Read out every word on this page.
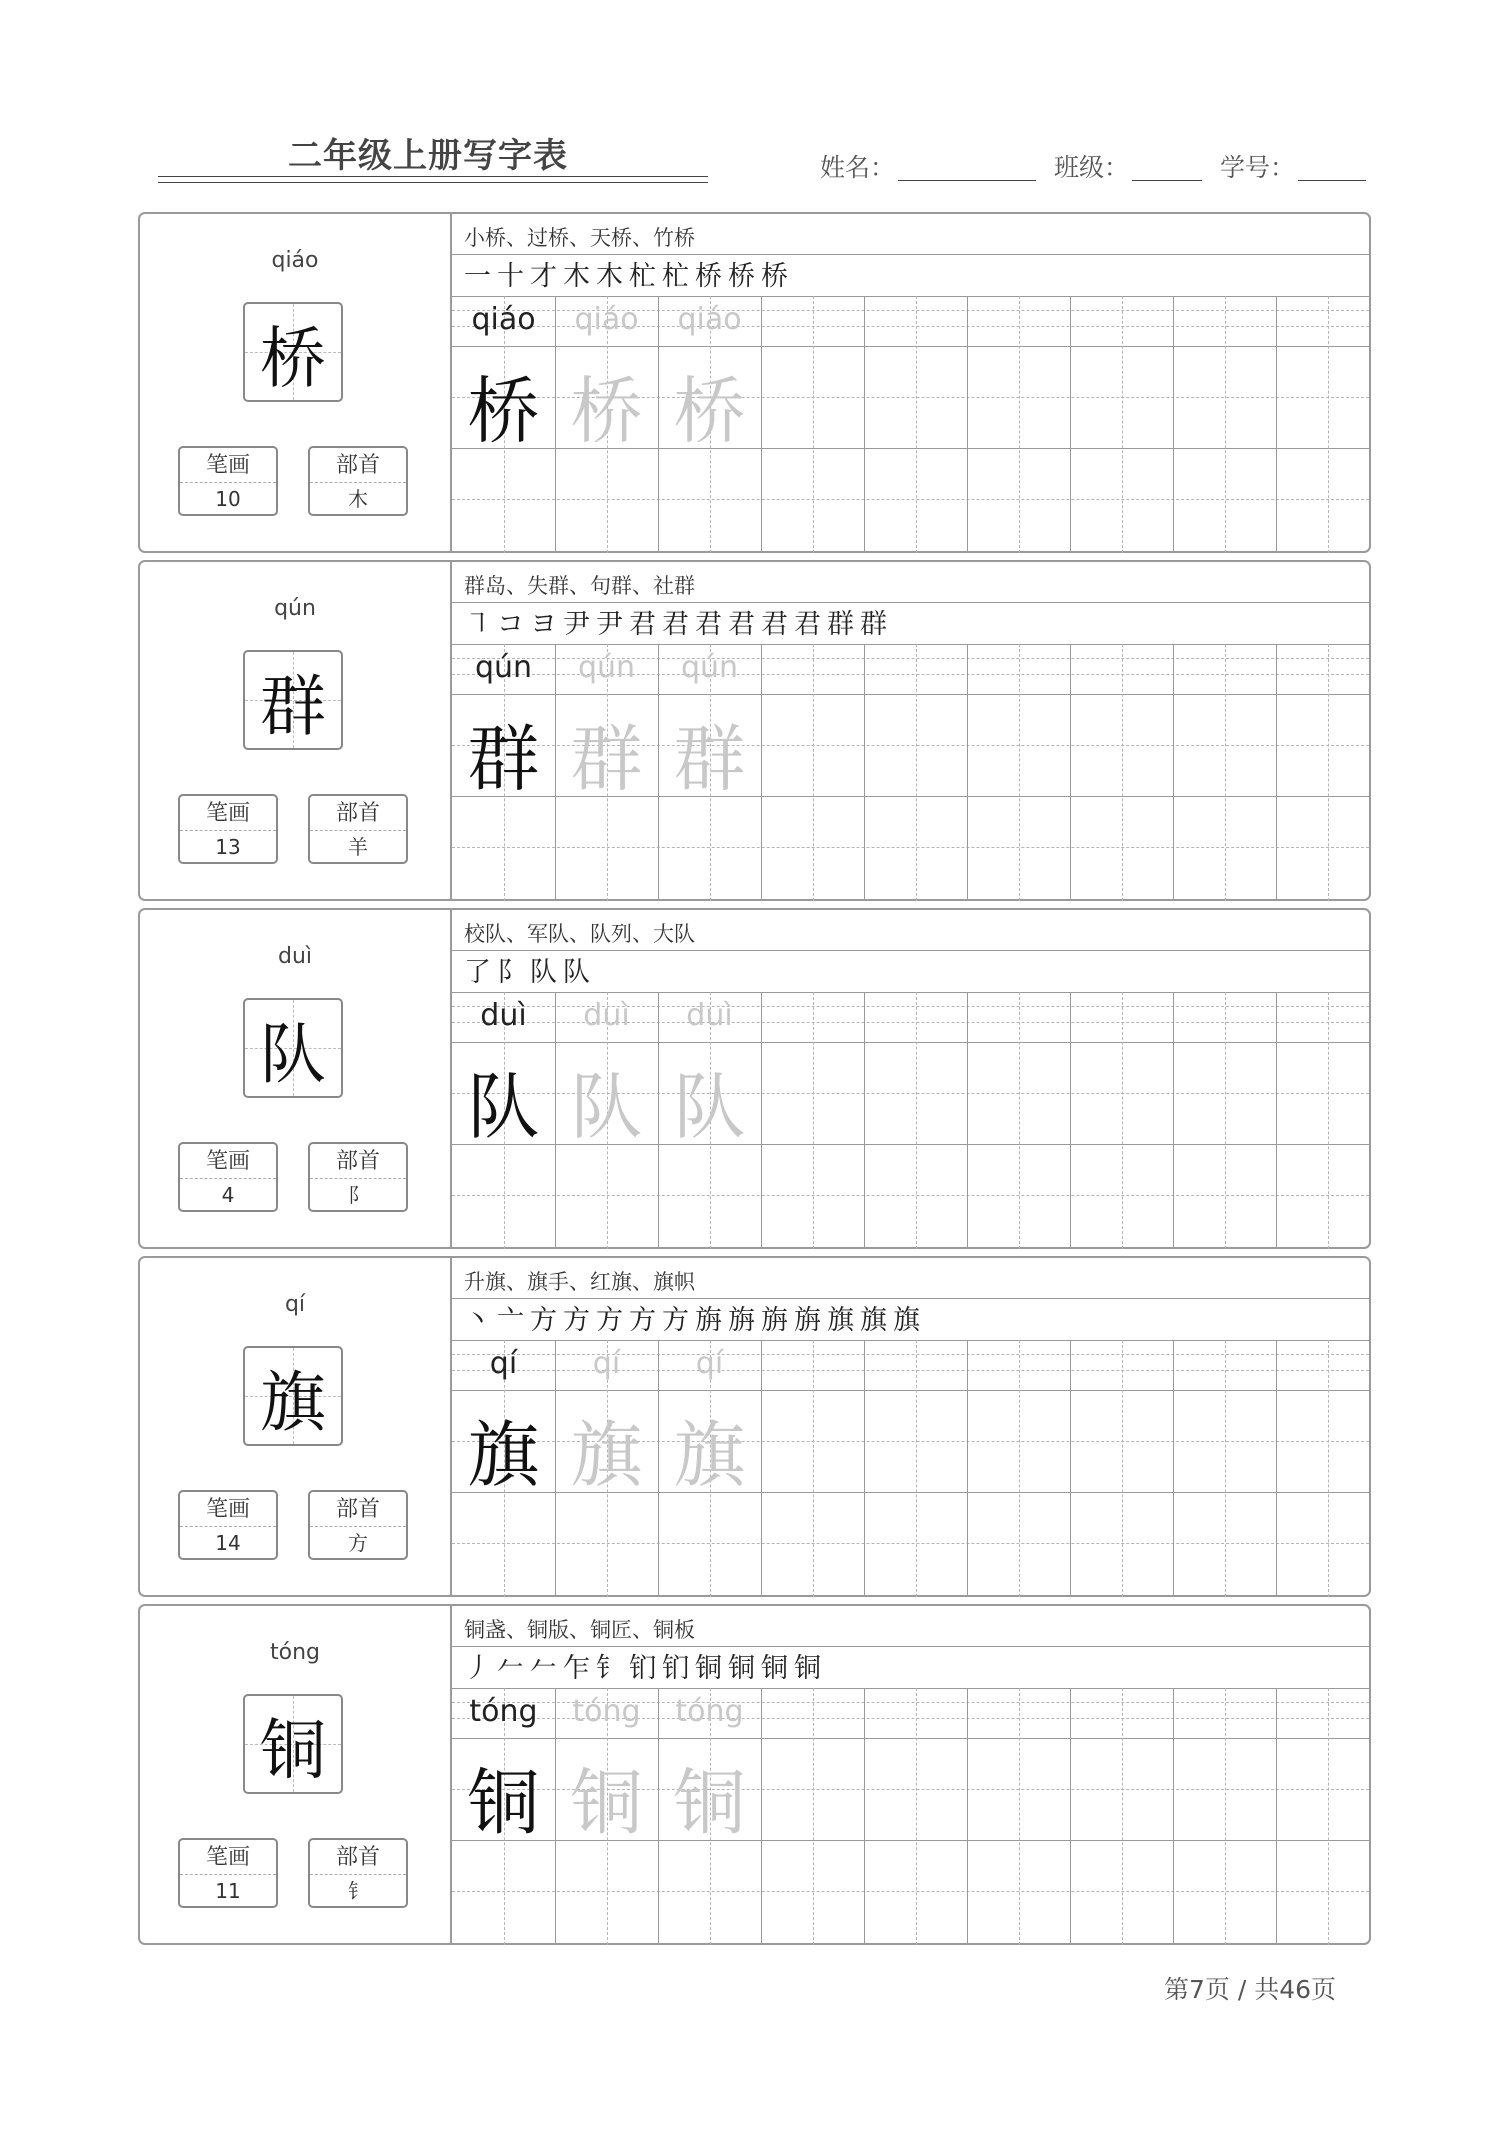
二年级上册写字表	姓名：	班级：	学号：
qiáo
桥
笔画
10
部首
木
小桥、过桥、天桥、竹桥
一 十 才 木 木 杧 杧 桥 桥 桥
qiáo
桥
qiáo
桥
qiáo
桥
qún
群
笔画
13
部首
羊
群岛、失群、句群、社群
㇕ コ ヨ 尹 尹 君 君 君 君 君 君 群 群
qún
群
qún
群
qún
群
duì
队
笔画
4
部首
阝
校队、军队、队列、大队
了 阝 队 队
duì
队
duì
队
duì
队
qí
旗
笔画
14
部首
方
升旗、旗手、红旗、旗帜
丶 亠 方 方 方 方 方 旃 旃 旃 旃 旗 旗 旗
qí
旗
qí
旗
qí
旗
tóng
铜
笔画
11
部首
钅
铜盏、铜版、铜匠、铜板
丿 𠂉 𠂉 乍 钅 钔 钔 铜 铜 铜 铜
tóng
铜
tóng
铜
tóng
铜
第7页 / 共46页
